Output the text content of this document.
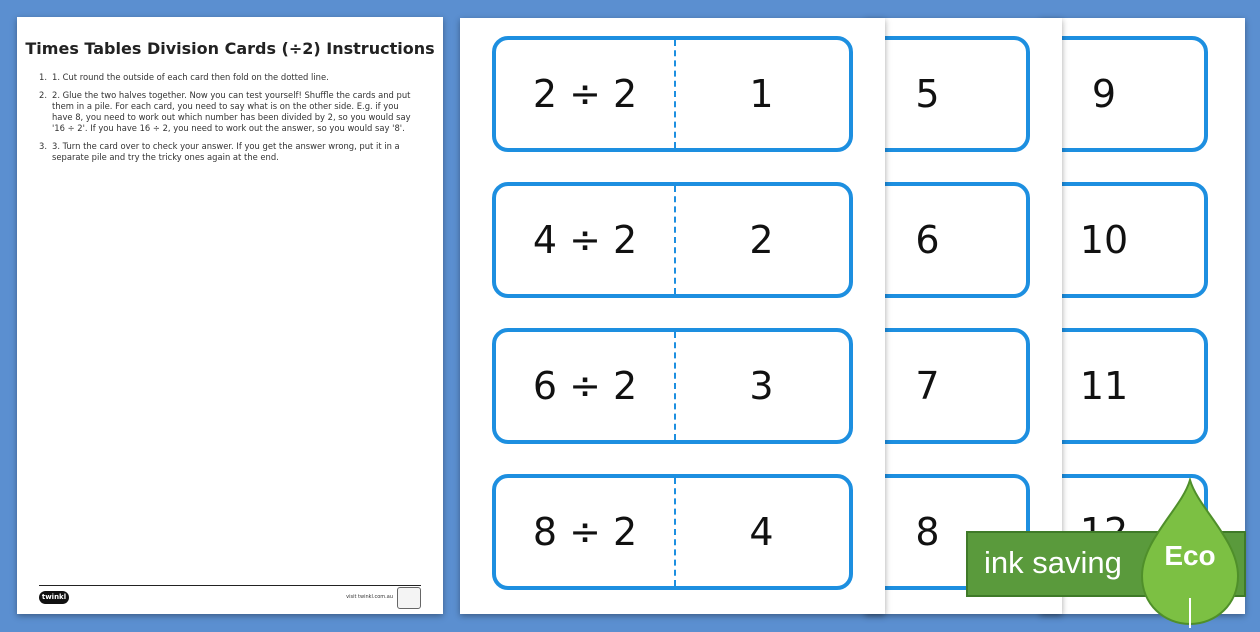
Times Tables Division Cards (÷2) Instructions
1. 1. Cut round the outside of each card then fold on the dotted line.
2. 2. Glue the two halves together. Now you can test yourself! Shuffle the cards and put them in a pile. For each card, you need to say what is on the other side. E.g. if you have 8, you need to work out which number has been divided by 2, so you would say '16 ÷ 2'. If you have 16 ÷ 2, you need to work out the answer, so you would say '8'.
3. 3. Turn the card over to check your answer. If you get the answer wrong, put it in a separate pile and try the tricky ones again at the end.
twinkl	visit twinkl.com.au
9
10
11
5
6
7
8
2 ÷ 2	1
4 ÷ 2	2
6 ÷ 2	3
8 ÷ 2	4
ink saving	Eco
